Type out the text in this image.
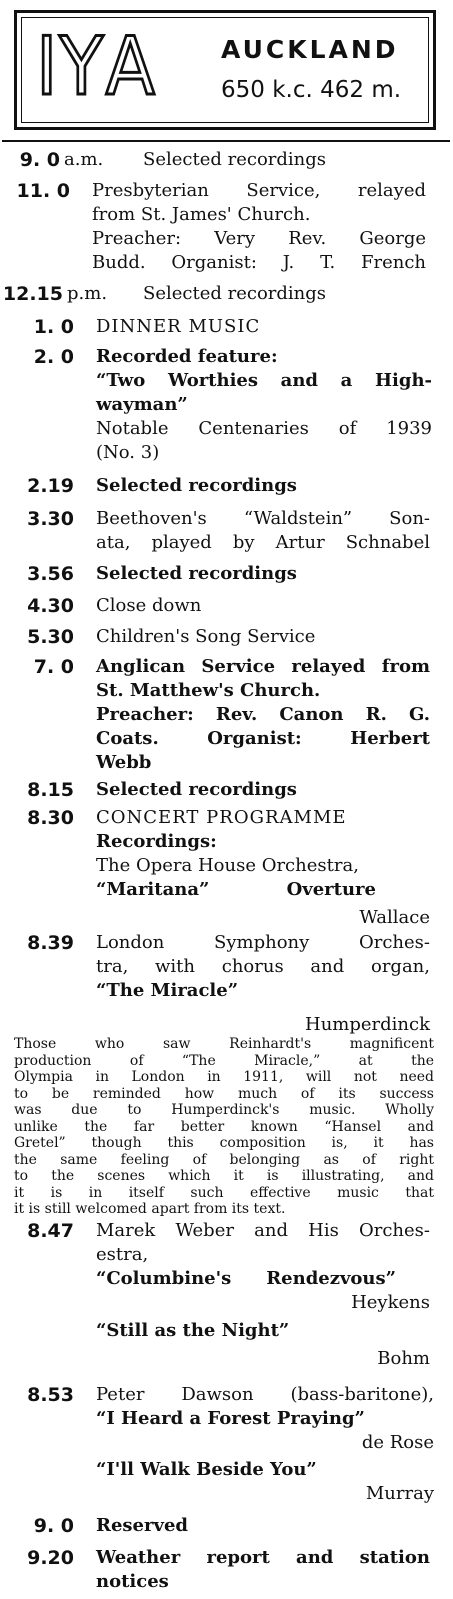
I Y A	AUCKLAND
650 k.c. 462 m.
9. 0 a.m. Selected recordings
11. 0 Presbyterian Service, relayed
from St. James' Church.
Preacher: Very Rev. George
Budd. Organist: J. T. French
12.15 p.m. Selected recordings
1. 0 DINNER MUSIC
2. 0 Recorded feature:
“Two Worthies and a High-
wayman”
Notable Centenaries of 1939
(No. 3)
2.19 Selected recordings
3.30 Beethoven's “Waldstein” Son-
ata, played by Artur Schnabel
3.56 Selected recordings
4.30 Close down
5.30 Children's Song Service
7. 0 Anglican Service relayed from
St. Matthew's Church.
Preacher: Rev. Canon R. G.
Coats. Organist: Herbert
Webb
8.15 Selected recordings
8.30 CONCERT PROGRAMME
Recordings:
The Opera House Orchestra,
“Maritana” Overture
Wallace
8.39 London Symphony Orches-
tra, with chorus and organ,
“The Miracle”
Humperdinck
Those who saw Reinhardt's magnificent
production of “The Miracle,” at the
Olympia in London in 1911, will not need
to be reminded how much of its success
was due to Humperdinck's music. Wholly
unlike the far better known “Hansel and
Gretel” though this composition is, it has
the same feeling of belonging as of right
to the scenes which it is illustrating, and
it is in itself such effective music that
it is still welcomed apart from its text.
8.47 Marek Weber and His Orches-
estra,
“Columbine's Rendezvous”
Heykens
“Still as the Night”
Bohm
8.53 Peter Dawson (bass-baritone),
“I Heard a Forest Praying”
de Rose
“I'll Walk Beside You”
Murray
9. 0 Reserved
9.20 Weather report and station
notices
